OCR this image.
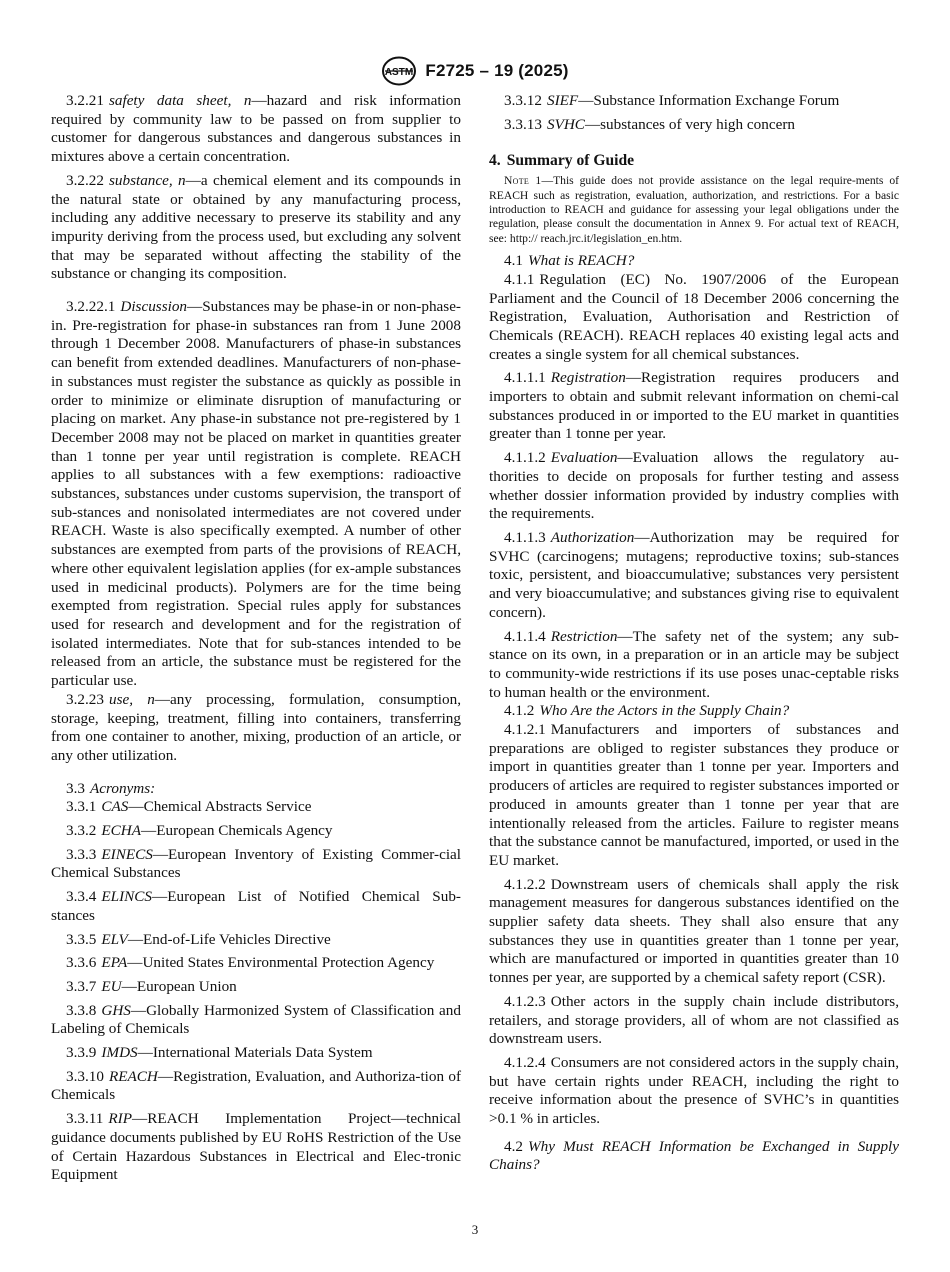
ASTM F2725 – 19 (2025)

3.2.21 safety data sheet, n—hazard and risk information required by community law to be passed on from supplier to customer for dangerous substances and dangerous substances in mixtures above a certain concentration.

3.2.22 substance, n—a chemical element and its compounds in the natural state or obtained by any manufacturing process, including any additive necessary to preserve its stability and any impurity deriving from the process used, but excluding any solvent that may be separated without affecting the stability of the substance or changing its composition.

3.2.22.1 Discussion—Substances may be phase-in or non-phase-in. Pre-registration for phase-in substances ran from 1 June 2008 through 1 December 2008. Manufacturers of phase-in substances can benefit from extended deadlines. Manufacturers of non-phase-in substances must register the substance as quickly as possible in order to minimize or eliminate disruption of manufacturing or placing on market. Any phase-in substance not pre-registered by 1 December 2008 may not be placed on market in quantities greater than 1 tonne per year until registration is complete. REACH applies to all substances with a few exemptions: radioactive substances, substances under customs supervision, the transport of sub-stances and nonisolated intermediates are not covered under REACH. Waste is also specifically exempted. A number of other substances are exempted from parts of the provisions of REACH, where other equivalent legislation applies (for ex-ample substances used in medicinal products). Polymers are for the time being exempted from registration. Special rules apply for substances used for research and development and for the registration of isolated intermediates. Note that for sub-stances intended to be released from an article, the substance must be registered for the particular use.

3.2.23 use, n—any processing, formulation, consumption, storage, keeping, treatment, filling into containers, transferring from one container to another, mixing, production of an article, or any other utilization.

3.3 Acronyms:

3.3.1 CAS—Chemical Abstracts Service

3.3.2 ECHA—European Chemicals Agency

3.3.3 EINECS—European Inventory of Existing Commer-cial Chemical Substances

3.3.4 ELINCS—European List of Notified Chemical Sub-stances

3.3.5 ELV—End-of-Life Vehicles Directive

3.3.6 EPA—United States Environmental Protection Agency

3.3.7 EU—European Union

3.3.8 GHS—Globally Harmonized System of Classification and Labeling of Chemicals

3.3.9 IMDS—International Materials Data System

3.3.10 REACH—Registration, Evaluation, and Authoriza-tion of Chemicals

3.3.11 RIP—REACH Implementation Project—technical guidance documents published by EU RoHS Restriction of the Use of Certain Hazardous Substances in Electrical and Elec-tronic Equipment

3.3.12 SIEF—Substance Information Exchange Forum

3.3.13 SVHC—substances of very high concern

4. Summary of Guide

Note 1—This guide does not provide assistance on the legal require-ments of REACH such as registration, evaluation, authorization, and restrictions. For a basic introduction to REACH and guidance for assessing your legal obligations under the regulation, please consult the documentation in Annex 9. For actual text of REACH, see: http:// reach.jrc.it/legislation_en.htm.

4.1 What is REACH?

4.1.1 Regulation (EC) No. 1907/2006 of the European Parliament and the Council of 18 December 2006 concerning the Registration, Evaluation, Authorisation and Restriction of Chemicals (REACH). REACH replaces 40 existing legal acts and creates a single system for all chemical substances.

4.1.1.1 Registration—Registration requires producers and importers to obtain and submit relevant information on chemi-cal substances produced in or imported to the EU market in quantities greater than 1 tonne per year.

4.1.1.2 Evaluation—Evaluation allows the regulatory au-thorities to decide on proposals for further testing and assess whether dossier information provided by industry complies with the requirements.

4.1.1.3 Authorization—Authorization may be required for SVHC (carcinogens; mutagens; reproductive toxins; sub-stances toxic, persistent, and bioaccumulative; substances very persistent and very bioaccumulative; and substances giving rise to equivalent concern).

4.1.1.4 Restriction—The safety net of the system; any sub-stance on its own, in a preparation or in an article may be subject to community-wide restrictions if its use poses unac-ceptable risks to human health or the environment.

4.1.2 Who Are the Actors in the Supply Chain?

4.1.2.1 Manufacturers and importers of substances and preparations are obliged to register substances they produce or import in quantities greater than 1 tonne per year. Importers and producers of articles are required to register substances imported or produced in amounts greater than 1 tonne per year that are intentionally released from the articles. Failure to register means that the substance cannot be manufactured, imported, or used in the EU market.

4.1.2.2 Downstream users of chemicals shall apply the risk management measures for dangerous substances identified on the supplier safety data sheets. They shall also ensure that any substances they use in quantities greater than 1 tonne per year, which are manufactured or imported in quantities greater than 10 tonnes per year, are supported by a chemical safety report (CSR).

4.1.2.3 Other actors in the supply chain include distributors, retailers, and storage providers, all of whom are not classified as downstream users.

4.1.2.4 Consumers are not considered actors in the supply chain, but have certain rights under REACH, including the right to receive information about the presence of SVHC’s in quantities >0.1 % in articles.

4.2 Why Must REACH Information be Exchanged in Supply Chains?

3
